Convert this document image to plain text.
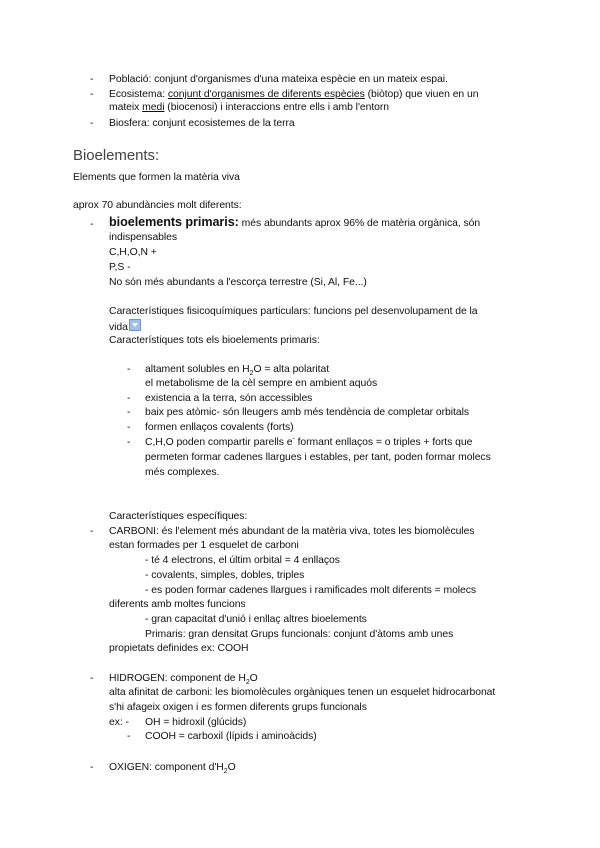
- Població: conjunt d'organismes d'una mateixa espècie en un mateix espai.
- Ecosistema: conjunt d'organismes de diferents espècies (biòtop) que viuen en un
mateix medi (biocenosi) i interaccions entre ells i amb l'entorn
- Biosfera: conjunt ecosistemes de la terra
Bioelements:
Elements que formen la matèria viva
aprox 70 abundàncies molt diferents:
- bioelements primaris: més abundants aprox 96% de matèria orgànica, són
indispensables
C,H,O,N +
P,S -
No són més abundants a l'escorça terrestre (Si, Al, Fe...)
Característiques fisicoquímiques particulars: funcions pel desenvolupament de la
vida
Característiques tots els bioelements primaris:
- altament solubles en $H_2O$ = alta polaritat
el metabolisme de la cèl sempre en ambient aquós
- existencia a la terra, són accessibles
- baix pes atòmic- són lleugers amb més tendència de completar orbitals
- formen enllaços covalents (forts)
- C,H,O poden compartir parells e- formant enllaços = o triples + forts que
permeten formar cadenes llargues i estables, per tant, poden formar molecs
més complexes.
Característiques específiques:
- CARBONI: és l'element més abundant de la matèria viva, totes les biomolècules
estan formades per 1 esquelet de carboni
- té 4 electrons, el últim orbital = 4 enllaços
- covalents, simples, dobles, triples
- es poden formar cadenes llargues i ramificades molt diferents = molecs
diferents amb moltes funcions
- gran capacitat d'unió i enllaç altres bioelements
Primaris: gran densitat Grups funcionals: conjunt d'àtoms amb unes
propietats definides ex: COOH
- HIDROGEN: component de $H_2O$
alta afinitat de carboni: les biomolècules orgàniques tenen un esquelet hidrocarbonat
s'hi afageix oxigen i es formen diferents grups funcionals
ex: - OH = hidroxil (glúcids)
- COOH = carboxil (lípids i aminoàcids)
- OXIGEN: component $d'H_2O$
